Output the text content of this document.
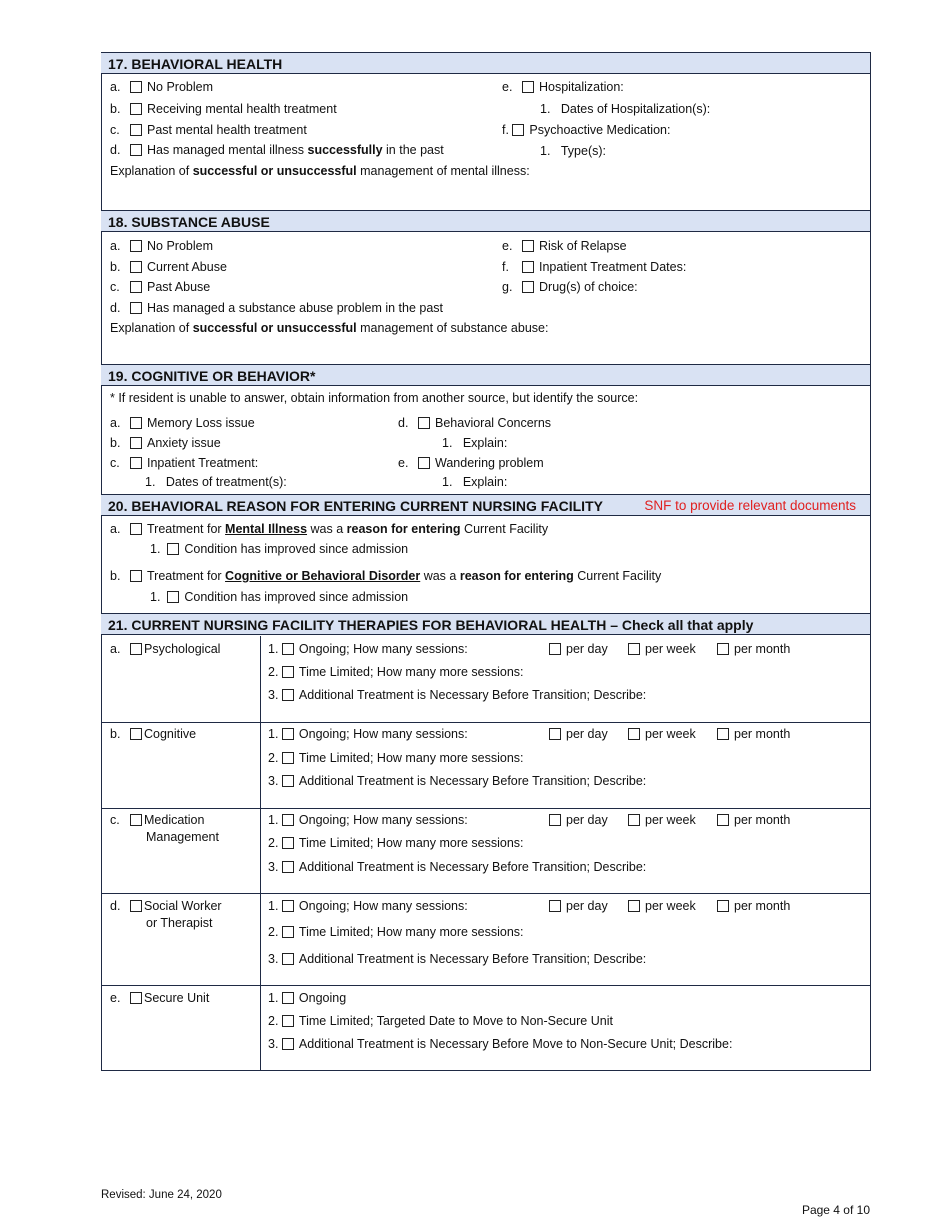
17. BEHAVIORAL HEALTH
a. No Problem
b. Receiving mental health treatment
c. Past mental health treatment
d. Has managed mental illness successfully in the past
e. Hospitalization:
1.   Dates of Hospitalization(s):
f. Psychoactive Medication:
1.   Type(s):
Explanation of successful or unsuccessful management of mental illness:
18. SUBSTANCE ABUSE
a. No Problem
b. Current Abuse
c. Past Abuse
d. Has managed a substance abuse problem in the past
e. Risk of Relapse
f. Inpatient Treatment Dates:
g. Drug(s) of choice:
Explanation of successful or unsuccessful management of substance abuse:
19. COGNITIVE OR BEHAVIOR*
* If resident is unable to answer, obtain information from another source, but identify the source:
a. Memory Loss issue
b. Anxiety issue
c. Inpatient Treatment:
1.   Dates of treatment(s):
d. Behavioral Concerns
1.   Explain:
e. Wandering problem
1.   Explain:
20. BEHAVIORAL REASON FOR ENTERING CURRENT NURSING FACILITY	SNF to provide relevant documents
a. Treatment for Mental Illness was a reason for entering Current Facility
1.  Condition has improved since admission
b. Treatment for Cognitive or Behavioral Disorder was a reason for entering Current Facility
1.  Condition has improved since admission
21. CURRENT NURSING FACILITY THERAPIES FOR BEHAVIORAL HEALTH – Check all that apply
a. Psychological	1. Ongoing; How many sessions:	per day	per week	per month
2. Time Limited; How many more sessions:
3. Additional Treatment is Necessary Before Transition; Describe:
b. Cognitive	1. Ongoing; How many sessions:	per day	per week	per month
2. Time Limited; How many more sessions:
3. Additional Treatment is Necessary Before Transition; Describe:
c. Medication
Management
1. Ongoing; How many sessions:	per day	per week	per month
2. Time Limited; How many more sessions:
3. Additional Treatment is Necessary Before Transition; Describe:
d. Social Worker
or Therapist
1. Ongoing; How many sessions:	per day	per week	per month
2. Time Limited; How many more sessions:
3. Additional Treatment is Necessary Before Transition; Describe:
e. Secure Unit	1. Ongoing
2. Time Limited; Targeted Date to Move to Non-Secure Unit
3. Additional Treatment is Necessary Before Move to Non-Secure Unit; Describe:
Revised: June 24, 2020
Page 4 of 10
